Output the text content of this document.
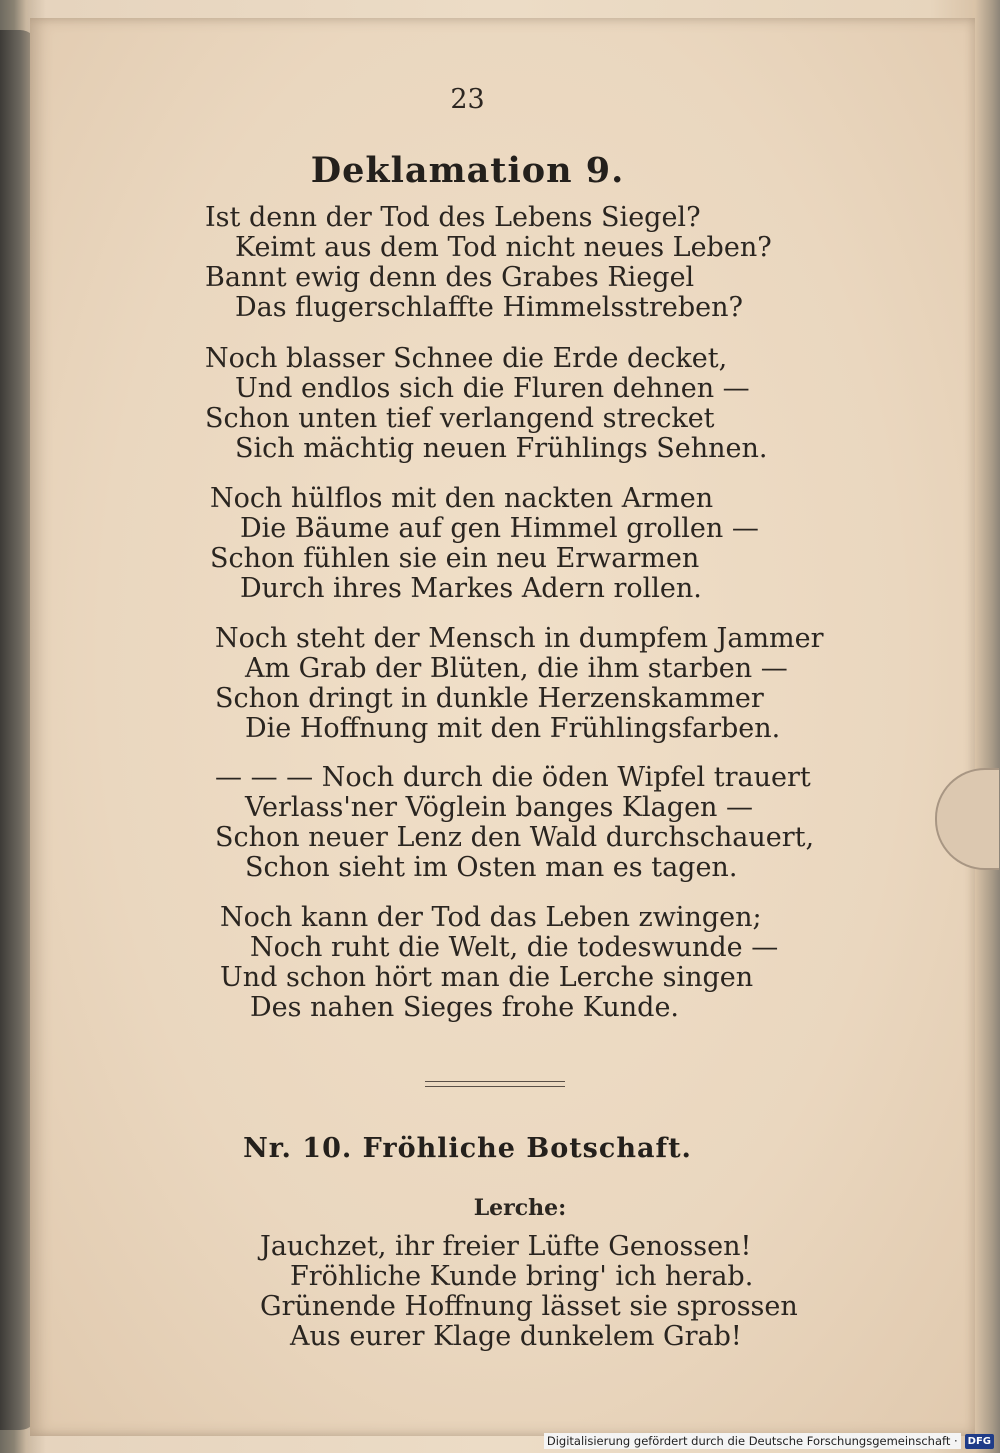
23
Deklamation 9.
Ist denn der Tod des Lebens Siegel?
Keimt aus dem Tod nicht neues Leben?
Bannt ewig denn des Grabes Riegel
Das flugerschlaffte Himmelsstreben?
Noch blasser Schnee die Erde decket,
Und endlos sich die Fluren dehnen —
Schon unten tief verlangend strecket
Sich mächtig neuen Frühlings Sehnen.
Noch hülflos mit den nackten Armen
Die Bäume auf gen Himmel grollen —
Schon fühlen sie ein neu Erwarmen
Durch ihres Markes Adern rollen.
Noch steht der Mensch in dumpfem Jammer
Am Grab der Blüten, die ihm starben —
Schon dringt in dunkle Herzenskammer
Die Hoffnung mit den Frühlingsfarben.
— — — Noch durch die öden Wipfel trauert
Verlass'ner Vöglein banges Klagen —
Schon neuer Lenz den Wald durchschauert,
Schon sieht im Osten man es tagen.
Noch kann der Tod das Leben zwingen;
Noch ruht die Welt, die todeswunde —
Und schon hört man die Lerche singen
Des nahen Sieges frohe Kunde.
Nr. 10. Fröhliche Botschaft.
Lerche:
Jauchzet, ihr freier Lüfte Genossen!
Fröhliche Kunde bring' ich herab.
Grünende Hoffnung lässet sie sprossen
Aus eurer Klage dunkelem Grab!
Digitalisierung gefördert durch die Deutsche Forschungsgemeinschaft ·	DFG
